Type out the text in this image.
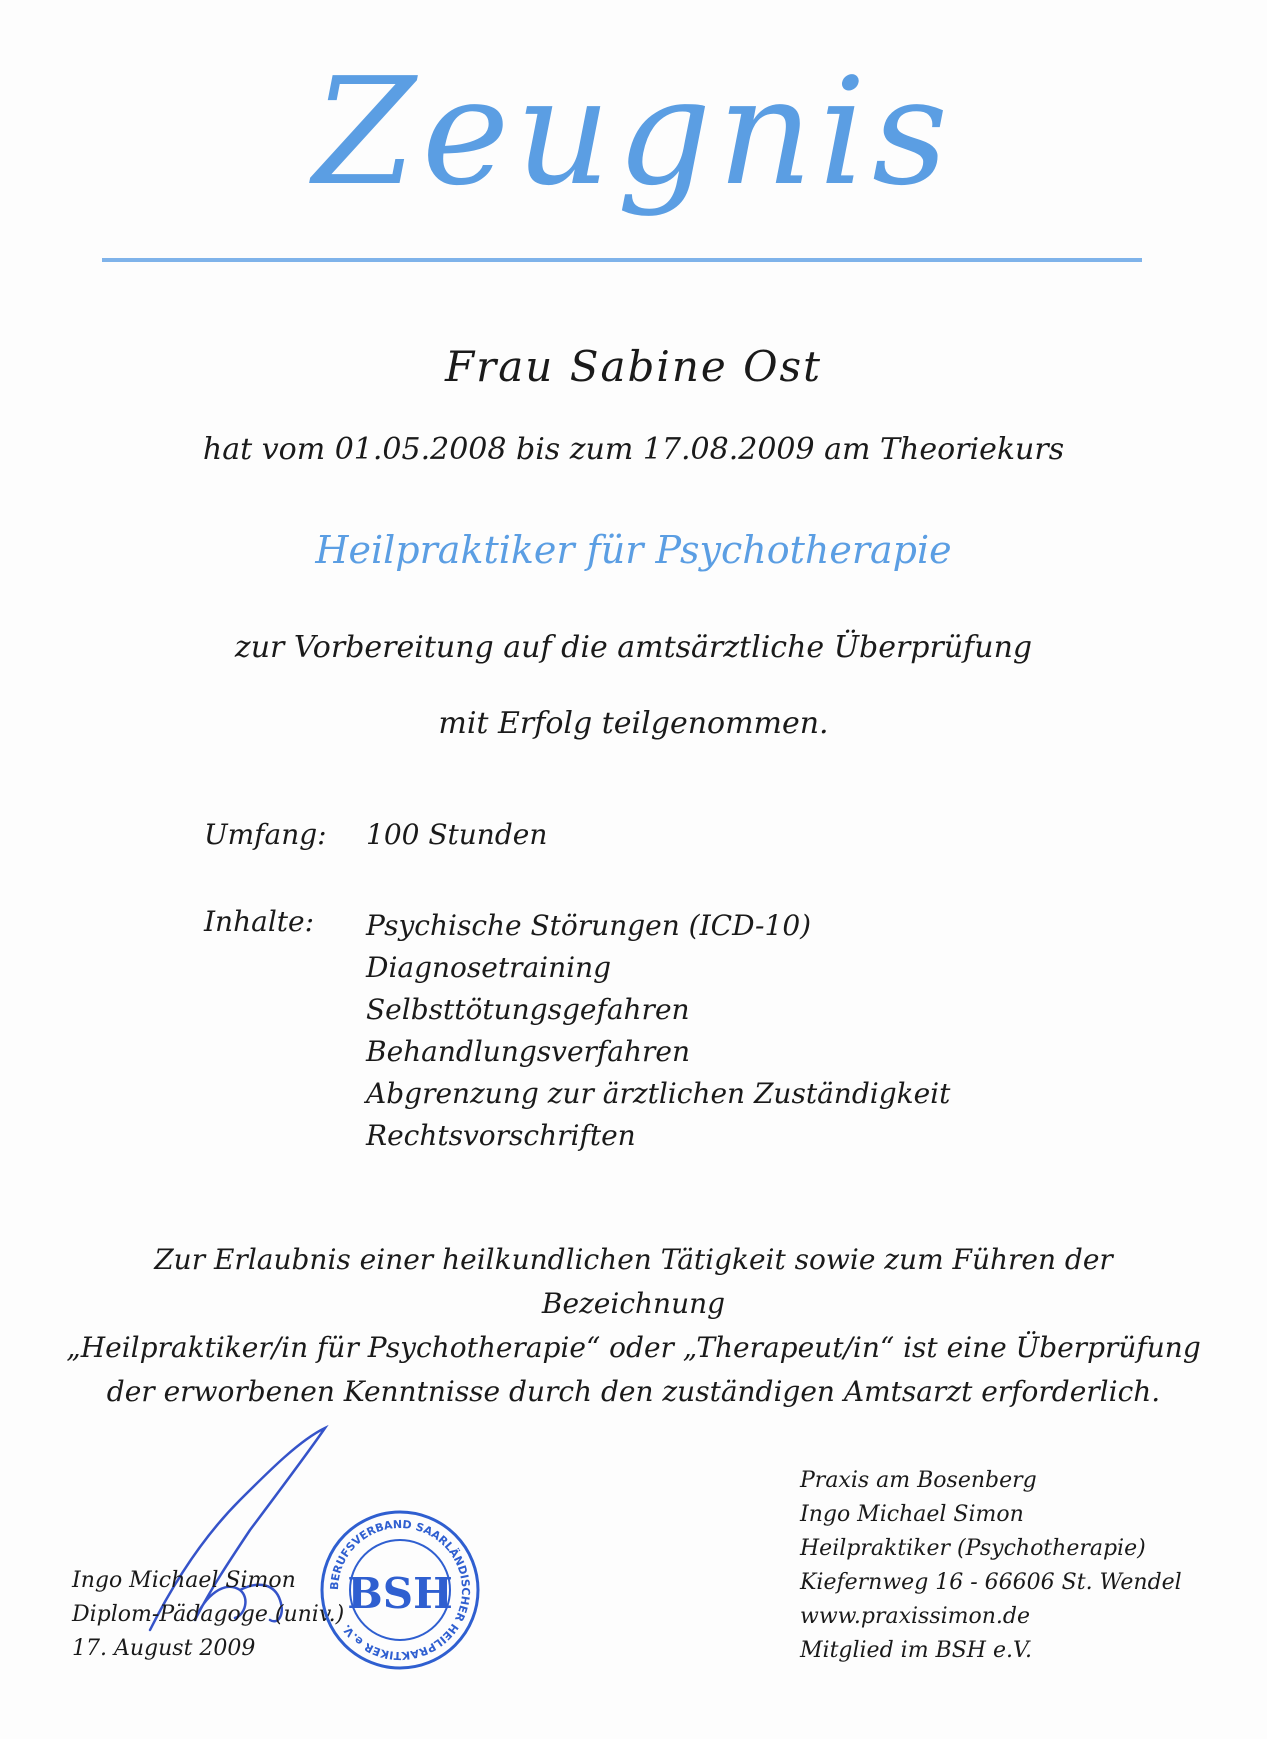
Zeugnis
Frau Sabine Ost
hat vom 01.05.2008 bis zum 17.08.2009 am Theoriekurs
Heilpraktiker für Psychotherapie
zur Vorbereitung auf die amtsärztliche Überprüfung
mit Erfolg teilgenommen.
Umfang: 100 Stunden
Inhalte: Psychische Störungen (ICD-10)
Diagnosetraining
Selbsttötungsgefahren
Behandlungsverfahren
Abgrenzung zur ärztlichen Zuständigkeit
Rechtsvorschriften
Zur Erlaubnis einer heilkundlichen Tätigkeit sowie zum Führen der Bezeichnung
„Heilpraktiker/in für Psychotherapie“ oder „Therapeut/in“ ist eine Überprüfung
der erworbenen Kenntnisse durch den zuständigen Amtsarzt erforderlich.
Ingo Michael Simon
Diplom-Pädagoge (univ.)
17. August 2009
BERUFSVERBAND SAARLÄNDISCHER HEILPRAKTIKER e.V.
BSH
Praxis am Bosenberg
Ingo Michael Simon
Heilpraktiker (Psychotherapie)
Kiefernweg 16 - 66606 St. Wendel
www.praxissimon.de
Mitglied im BSH e.V.
